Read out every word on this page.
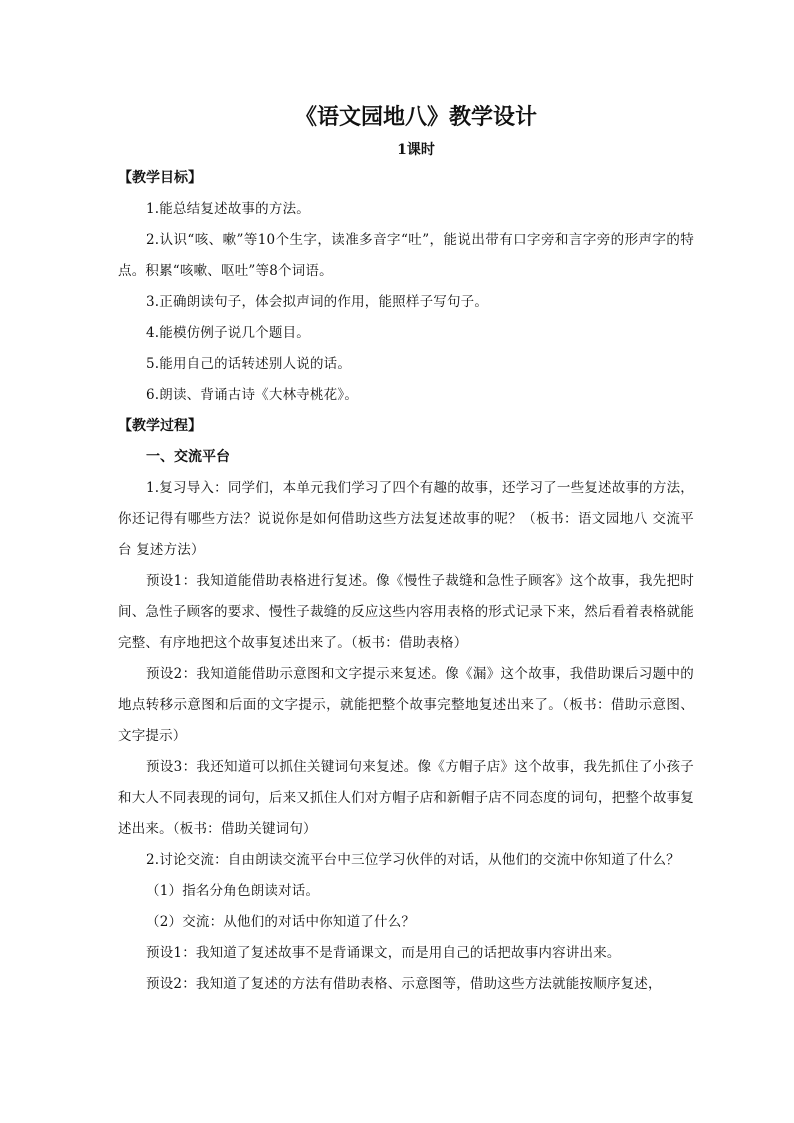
《语文园地八》教学设计
1课时
【教学目标】

1.能总结复述故事的方法。

2.认识“咳、嗽”等10个生字，读准多音字“吐”，能说出带有口字旁和言字旁的形声字的特点。积累“咳嗽、呕吐”等8个词语。

3.正确朗读句子，体会拟声词的作用，能照样子写句子。

4.能模仿例子说几个题目。

5.能用自己的话转述别人说的话。

6.朗读、背诵古诗《大林寺桃花》。

【教学过程】
一、交流平台

1.复习导入：同学们，本单元我们学习了四个有趣的故事，还学习了一些复述故事的方法，你还记得有哪些方法？说说你是如何借助这些方法复述故事的呢？（板书：语文园地八 交流平台 复述方法）

预设1：我知道能借助表格进行复述。像《慢性子裁缝和急性子顾客》这个故事，我先把时间、急性子顾客的要求、慢性子裁缝的反应这些内容用表格的形式记录下来，然后看着表格就能完整、有序地把这个故事复述出来了。（板书：借助表格）

预设2：我知道能借助示意图和文字提示来复述。像《漏》这个故事，我借助课后习题中的地点转移示意图和后面的文字提示，就能把整个故事完整地复述出来了。（板书：借助示意图、文字提示）

预设3：我还知道可以抓住关键词句来复述。像《方帽子店》这个故事，我先抓住了小孩子和大人不同表现的词句，后来又抓住人们对方帽子店和新帽子店不同态度的词句，把整个故事复述出来。（板书：借助关键词句）

2.讨论交流：自由朗读交流平台中三位学习伙伴的对话，从他们的交流中你知道了什么？

（1）指名分角色朗读对话。

（2）交流：从他们的对话中你知道了什么？

预设1：我知道了复述故事不是背诵课文，而是用自己的话把故事内容讲出来。

预设2：我知道了复述的方法有借助表格、示意图等，借助这些方法就能按顺序复述，
